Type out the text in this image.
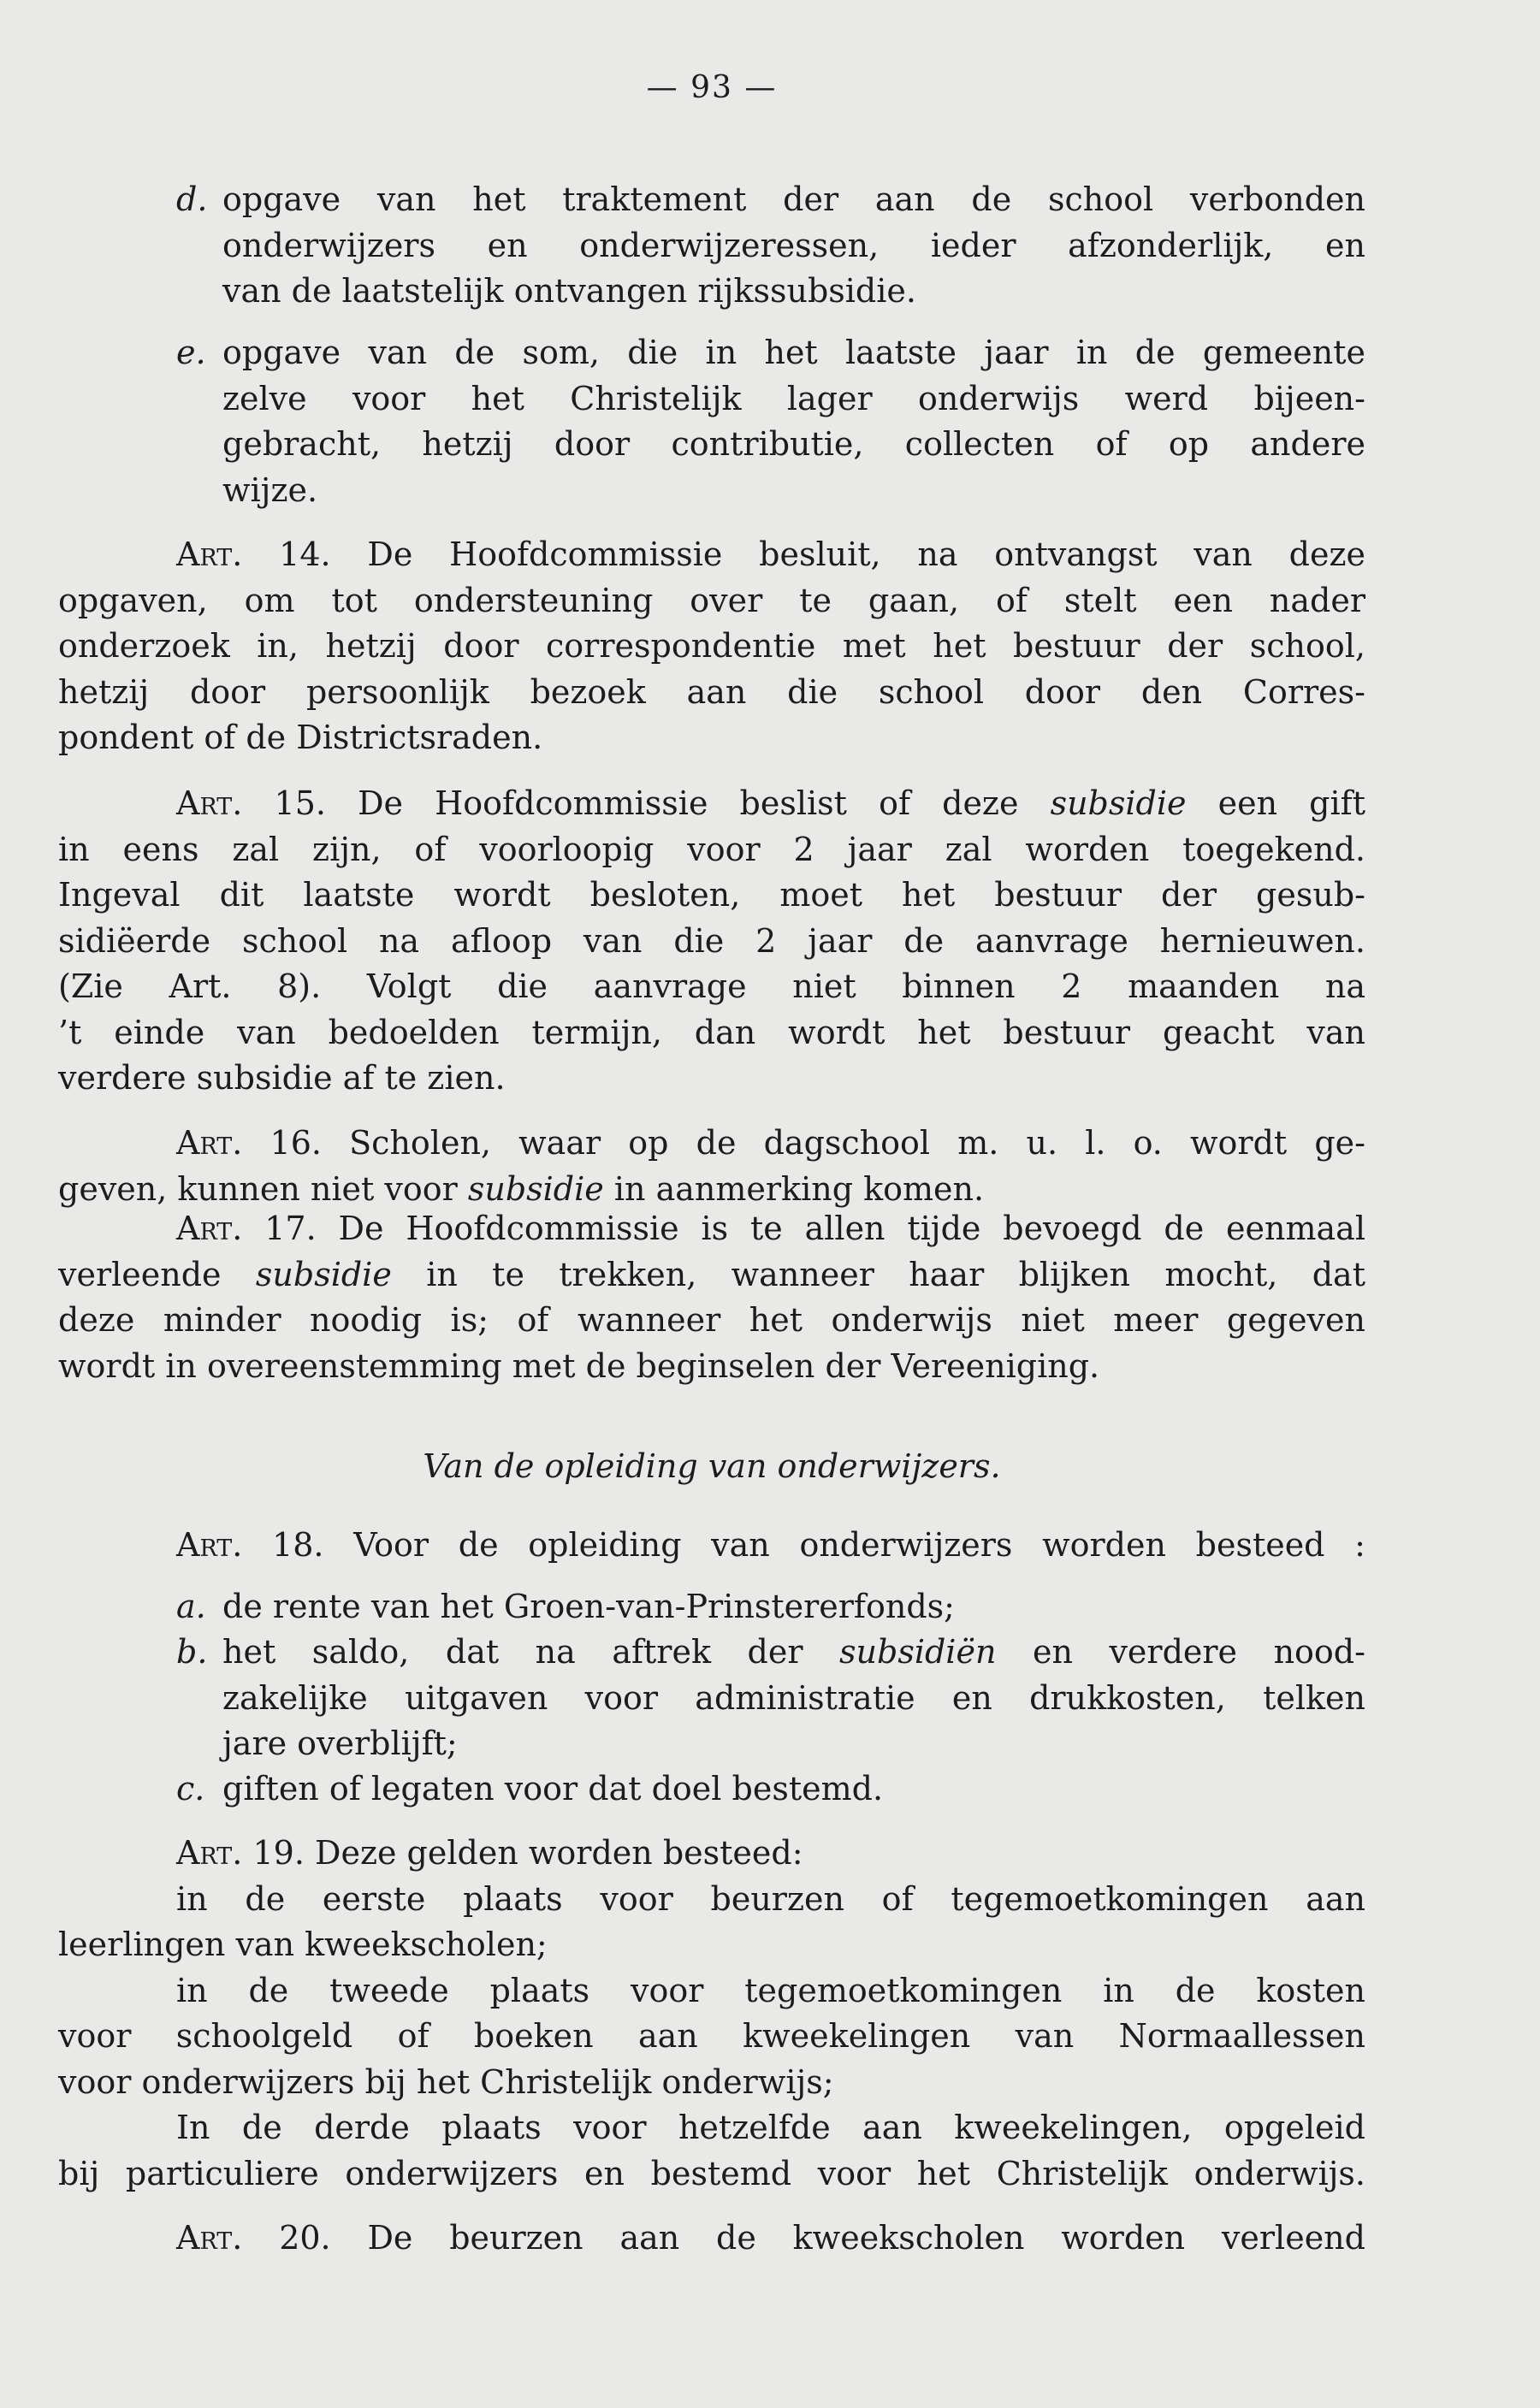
— 93 —
d. opgave van het traktement der aan de school verbonden
onderwijzers en onderwijzeressen, ieder afzonderlijk, en
van de laatstelijk ontvangen rijkssubsidie.
e. opgave van de som, die in het laatste jaar in de gemeente
zelve voor het Christelijk lager onderwijs werd bijeen-
gebracht, hetzij door contributie, collecten of op andere
wijze.
Art. 14. De Hoofdcommissie besluit, na ontvangst van deze
opgaven, om tot ondersteuning over te gaan, of stelt een nader
onderzoek in, hetzij door correspondentie met het bestuur der school,
hetzij door persoonlijk bezoek aan die school door den Corres-
pondent of de Districtsraden.
Art. 15. De Hoofdcommissie beslist of deze subsidie een gift
in eens zal zijn, of voorloopig voor 2 jaar zal worden toegekend.
Ingeval dit laatste wordt besloten, moet het bestuur der gesub-
sidiëerde school na afloop van die 2 jaar de aanvrage hernieuwen.
(Zie Art. 8). Volgt die aanvrage niet binnen 2 maanden na
’t einde van bedoelden termijn, dan wordt het bestuur geacht van
verdere subsidie af te zien.
Art. 16. Scholen, waar op de dagschool m. u. l. o. wordt ge-
geven, kunnen niet voor subsidie in aanmerking komen.
Art. 17. De Hoofdcommissie is te allen tijde bevoegd de eenmaal
verleende subsidie in te trekken, wanneer haar blijken mocht, dat
deze minder noodig is; of wanneer het onderwijs niet meer gegeven
wordt in overeenstemming met de beginselen der Vereeniging.
Van de opleiding van onderwijzers.
Art. 18. Voor de opleiding van onderwijzers worden besteed :
a. de rente van het Groen-van-Prinstererfonds;
b. het saldo, dat na aftrek der subsidiën en verdere nood-
zakelijke uitgaven voor administratie en drukkosten, telken
jare overblijft;
c. giften of legaten voor dat doel bestemd.
Art. 19. Deze gelden worden besteed:
in de eerste plaats voor beurzen of tegemoetkomingen aan
leerlingen van kweekscholen;
in de tweede plaats voor tegemoetkomingen in de kosten
voor schoolgeld of boeken aan kweekelingen van Normaallessen
voor onderwijzers bij het Christelijk onderwijs;
In de derde plaats voor hetzelfde aan kweekelingen, opgeleid
bij particuliere onderwijzers en bestemd voor het Christelijk onderwijs.
Art. 20. De beurzen aan de kweekscholen worden verleend
